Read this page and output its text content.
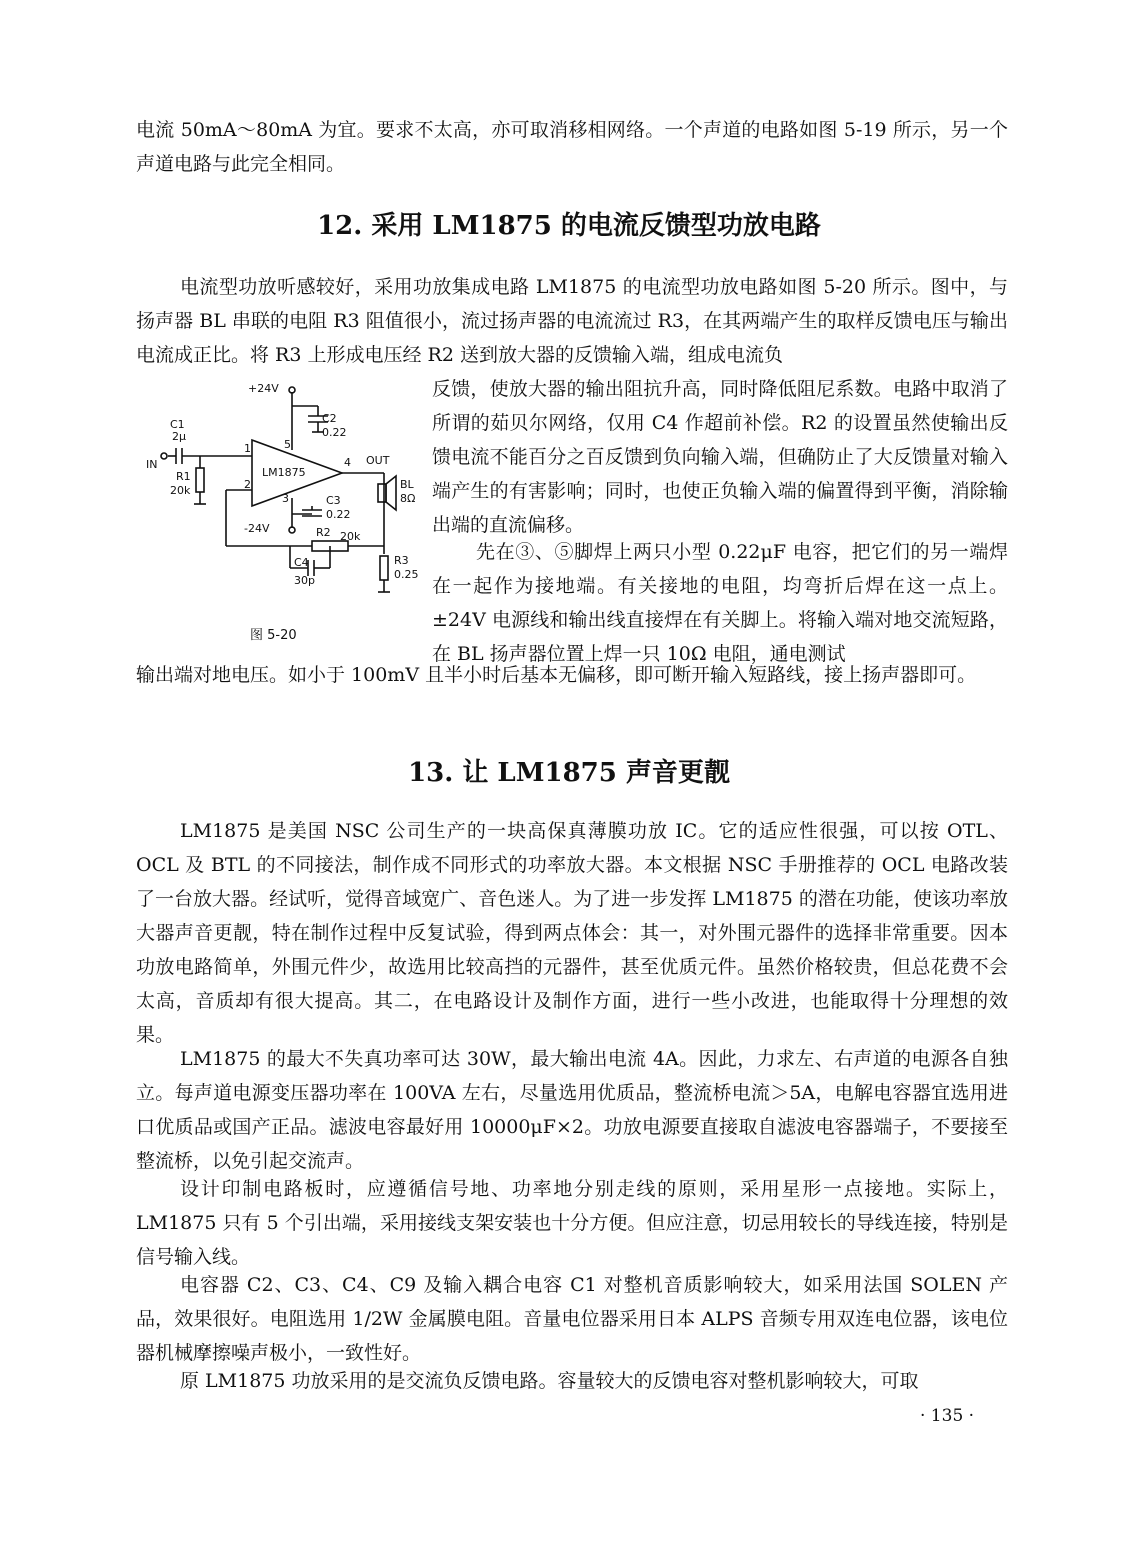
电流 50mA～80mA 为宜。要求不太高，亦可取消移相网络。一个声道的电路如图 5-19 所示，另一个声道电路与此完全相同。

12. 采用 LM1875 的电流反馈型功放电路

电流型功放听感较好，采用功放集成电路 LM1875 的电流型功放电路如图 5-20 所示。图中，与扬声器 BL 串联的电阻 R3 阻值很小，流过扬声器的电流流过 R3，在其两端产生的取样反馈电压与输出电流成正比。将 R3 上形成电压经 R2 送到放大器的反馈输入端，组成电流负

+24V
C2
0.22
C1
2μ
IN
R1
20k
1
2
3
4
5
LM1875
OUT
BL
8Ω
C3
0.22
-24V	R2 20k
C4
30p
R3
0.25
图 5-20

反馈，使放大器的输出阻抗升高，同时降低阻尼系数。电路中取消了所谓的茹贝尔网络，仅用 C4 作超前补偿。R2 的设置虽然使输出反馈电流不能百分之百反馈到负向输入端，但确防止了大反馈量对输入端产生的有害影响；同时，也使正负输入端的偏置得到平衡，消除输出端的直流偏移。

先在③、⑤脚焊上两只小型 0.22μF 电容，把它们的另一端焊在一起作为接地端。有关接地的电阻，均弯折后焊在这一点上。±24V 电源线和输出线直接焊在有关脚上。将输入端对地交流短路，在 BL 扬声器位置上焊一只 10Ω 电阻，通电测试

输出端对地电压。如小于 100mV 且半小时后基本无偏移，即可断开输入短路线，接上扬声器即可。

13. 让 LM1875 声音更靓

LM1875 是美国 NSC 公司生产的一块高保真薄膜功放 IC。它的适应性很强，可以按 OTL、OCL 及 BTL 的不同接法，制作成不同形式的功率放大器。本文根据 NSC 手册推荐的 OCL 电路改装了一台放大器。经试听，觉得音域宽广、音色迷人。为了进一步发挥 LM1875 的潜在功能，使该功率放大器声音更靓，特在制作过程中反复试验，得到两点体会：其一，对外围元器件的选择非常重要。因本功放电路简单，外围元件少，故选用比较高挡的元器件，甚至优质元件。虽然价格较贵，但总花费不会太高，音质却有很大提高。其二，在电路设计及制作方面，进行一些小改进，也能取得十分理想的效果。

LM1875 的最大不失真功率可达 30W，最大输出电流 4A。因此，力求左、右声道的电源各自独立。每声道电源变压器功率在 100VA 左右，尽量选用优质品，整流桥电流＞5A，电解电容器宜选用进口优质品或国产正品。滤波电容最好用 10000μF×2。功放电源要直接取自滤波电容器端子，不要接至整流桥，以免引起交流声。

设计印制电路板时，应遵循信号地、功率地分别走线的原则，采用星形一点接地。实际上，LM1875 只有 5 个引出端，采用接线支架安装也十分方便。但应注意，切忌用较长的导线连接，特别是信号输入线。

电容器 C2、C3、C4、C9 及输入耦合电容 C1 对整机音质影响较大，如采用法国 SOLEN 产品，效果很好。电阻选用 1/2W 金属膜电阻。音量电位器采用日本 ALPS 音频专用双连电位器，该电位器机械摩擦噪声极小，一致性好。

原 LM1875 功放采用的是交流负反馈电路。容量较大的反馈电容对整机影响较大，可取

· 135 ·
